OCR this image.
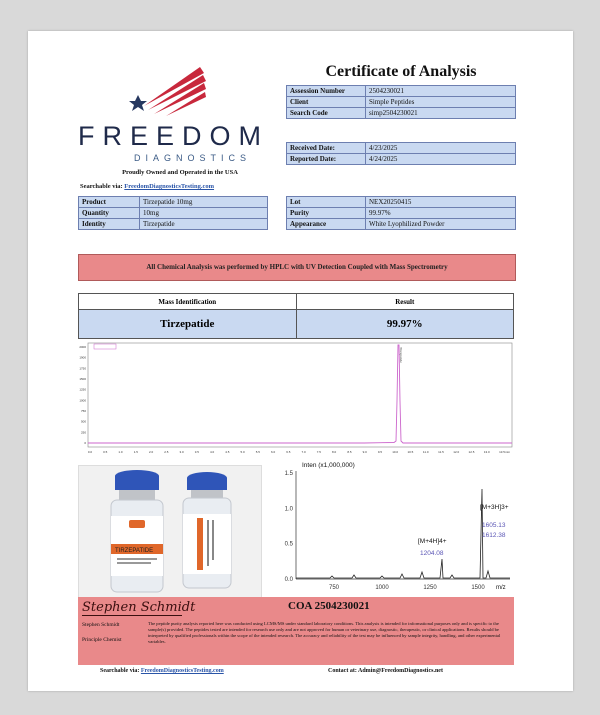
FREEDOM
DIAGNOSTICS
Proudly Owned and Operated in the USA
Searchable via: FreedomDiagnosticsTesting.com
Certificate of Analysis
Assession Number	2504230021
Client	Simple Peptides
Search Code	simp2504230021
Received Date:	4/23/2025
Reported Date:	4/24/2025
Product	Tirzepatide 10mg
Quantity	10mg
Identity	Tirzepatide
Lot	NEX20250415
Purity	99.97%
Appearance	White Lyophilized Powder
All Chemical Analysis was performed by HPLC with UV Detection Coupled with Mass Spectrometry
Mass Identification	Result
Tirzepatide	99.97%
2000
1900
1750
1500
1250
1000
750
500
250
0
0.0	0.5	1.0	1.5	2.0	2.5	3.0	3.5	4.0	4.5	5.0	5.5	6.0	6.5	7.0	7.5	8.0	8.5	9.0	9.5	10.0	10.5	11.0	11.5	12.0	12.5	13.0	13.5 min
Tirzepatide
TIRZEPATIDE
Inten (x1,000,000)
1.5
1.0
0.5
0.0
750	1000	1250	1500
[M+4H]4+
1204.08
[M+3H]3+
1605.13
1612.38
m/z
Stephen Schmidt	COA 2504230021
Stephen Schmidt
Principle Chemist
The peptide purity analysis reported here was conducted using LCMS/MS under standard laboratory conditions. This analysis is intended for informational purposes only and is specific to the sample(s) provided. The peptides tested are intended for research use only and are not approved for human or veterinary use, diagnostic, therapeutic, or clinical applications. Results should be interpreted by qualified professionals within the scope of the intended research. The accuracy and reliability of the test may be influenced by sample integrity, handling, and other experimental variables.
Searchable via: FreedomDiagnosticsTesting.com	Contact at: Admin@FreedomDiagnostics.net
